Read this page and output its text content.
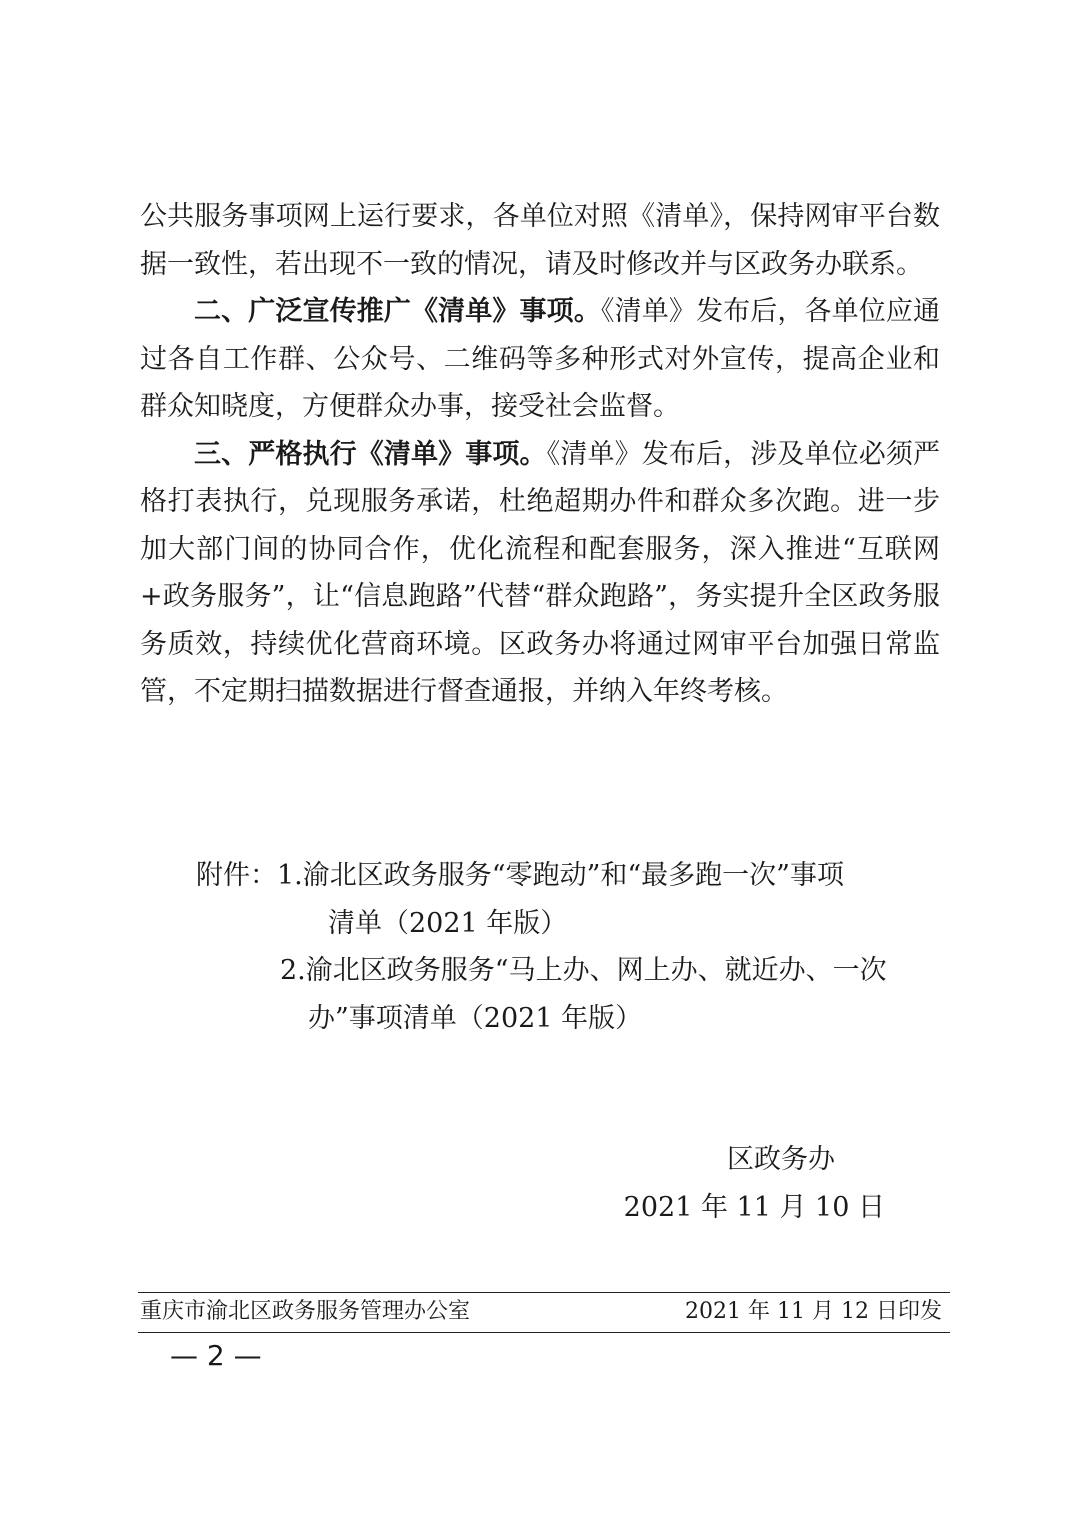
公共服务事项网上运行要求，各单位对照《清单》，保持网审平台数据一致性，若出现不一致的情况，请及时修改并与区政务办联系。

二、广泛宣传推广《清单》事项。《清单》发布后，各单位应通过各自工作群、公众号、二维码等多种形式对外宣传，提高企业和群众知晓度，方便群众办事，接受社会监督。

三、严格执行《清单》事项。《清单》发布后，涉及单位必须严格打表执行，兑现服务承诺，杜绝超期办件和群众多次跑。进一步加大部门间的协同合作，优化流程和配套服务，深入推进“互联网+政务服务”，让“信息跑路”代替“群众跑路”，务实提升全区政务服务质效，持续优化营商环境。区政务办将通过网审平台加强日常监管，不定期扫描数据进行督查通报，并纳入年终考核。

附件： 1.渝北区政务服务“零跑动”和“最多跑一次”事项
清单（2021 年版）
2.渝北区政务服务“马上办、网上办、就近办、一次
办”事项清单（2021 年版）
区政务办
2021 年 11 月 10 日
重庆市渝北区政务服务管理办公室	2021 年 11 月 12 日印发
— 2 —
